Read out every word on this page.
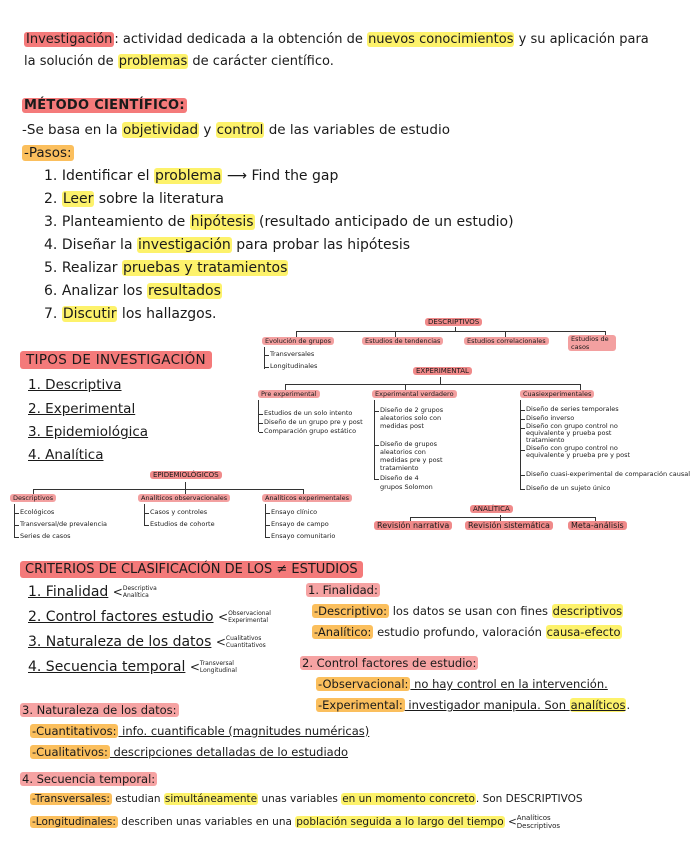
Investigación : actividad dedicada a la obtención de nuevos conocimientos y su aplicación para
la solución de problemas de carácter científico.
MÉTODO CIENTÍFICO:
-Se basa en la objetividad y control de las variables de estudio
-Pasos:
1. Identificar el problema ⟶ Find the gap
2. Leer sobre la literatura
3. Planteamiento de hipótesis (resultado anticipado de un estudio)
4. Diseñar la investigación para probar las hipótesis
5. Realizar pruebas y tratamientos
6. Analizar los resultados
7. Discutir los hallazgos.
TIPOS DE INVESTIGACIÓN
1. Descriptiva
2. Experimental
3. Epidemiológica
4. Analítica
DESCRIPTIVOS
Evolución de grupos	Estudios de tendencias	Estudios correlacionales	Estudios de casos
Transversales
Longitudinales
EXPERIMENTAL
Pre experimental	Experimental verdadero	Cuasiexperimentales
Estudios de un solo intento
Diseño de un grupo pre y post
Comparación grupo estático
Diseño de 2 grupos aleatorios solo con medidas post
Diseño de grupos aleatorios con medidas pre y post tratamiento
Diseño de 4 grupos Solomon
Diseño de series temporales
Diseño inverso
Diseño con grupo control no equivalente y prueba post tratamiento
Diseño con grupo control no equivalente y prueba pre y post
Diseño cuasi-experimental de comparación causal
Diseño de un sujeto único
EPIDEMIOLÓGICOS
Descriptivos	Analíticos observacionales	Analíticos experimentales
Ecológicos
Transversal/de prevalencia
Series de casos
Casos y controles
Estudios de cohorte
Ensayo clínico
Ensayo de campo
Ensayo comunitario
ANALÍTICA
Revisión narrativa	Revisión sistemática	Meta-análisis
CRITERIOS DE CLASIFICACIÓN DE LOS ≠ ESTUDIOS
1. Finalidad <Descriptiva
Analítica
2. Control factores estudio <Observacional
Experimental
3. Naturaleza de los datos <Cualitativos
Cuantitativos
4. Secuencia temporal <Transversal
Longitudinal
1. Finalidad:
-Descriptivo: los datos se usan con fines descriptivos
-Analítico: estudio profundo, valoración causa-efecto
2. Control factores de estudio:
-Observacional: no hay control en la intervención.
-Experimental: investigador manipula. Son analíticos.
3. Naturaleza de los datos:
-Cuantitativos: info. cuantificable (magnitudes numéricas)
-Cualitativos: descripciones detalladas de lo estudiado
4. Secuencia temporal:
-Transversales: estudian simultáneamente unas variables en un momento concreto. Son DESCRIPTIVOS
-Longitudinales: describen unas variables en una población seguida a lo largo del tiempo <Analíticos
Descriptivos
